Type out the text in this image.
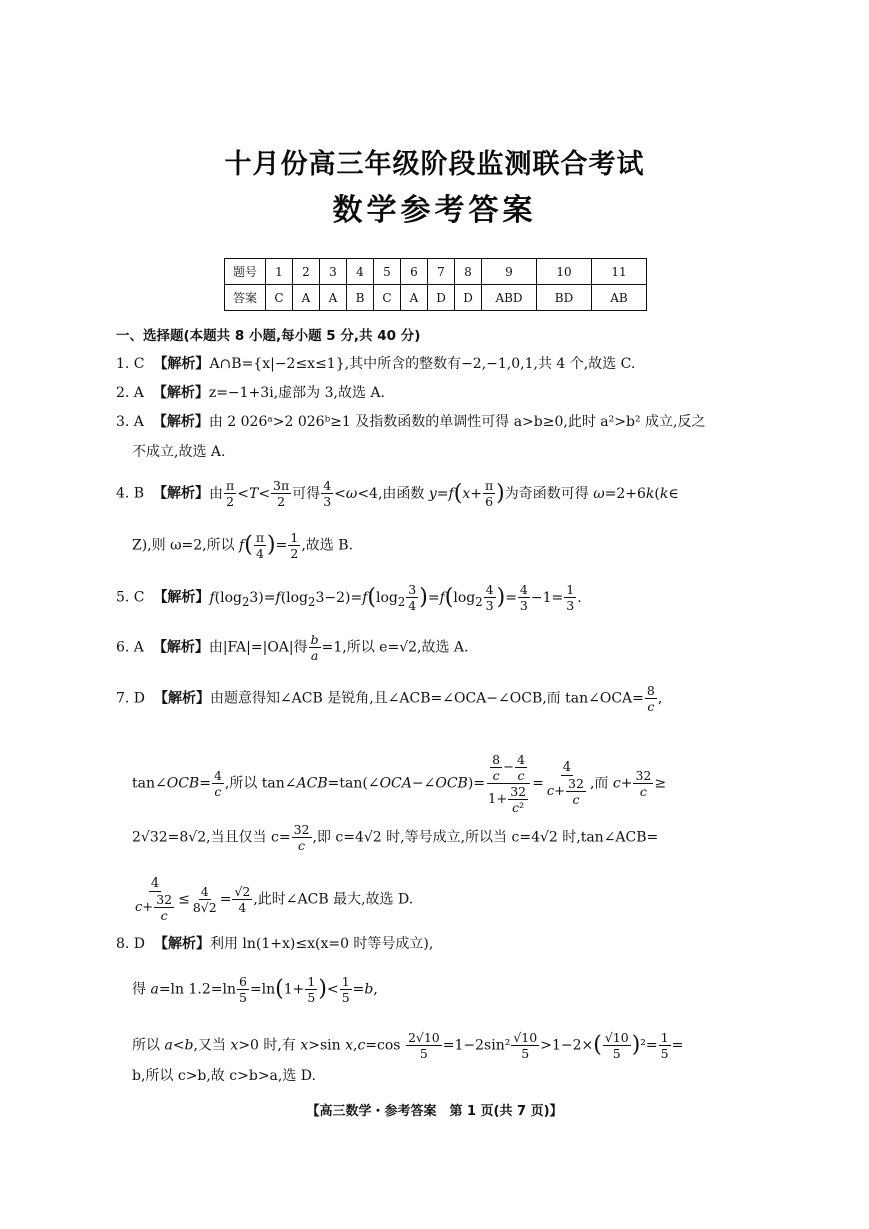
十月份高三年级阶段监测联合考试
数学参考答案
题号	1	2	3	4	5	6	7	8	9	10	11
答案	C	A	A	B	C	A	D	D	ABD	BD	AB
一、选择题(本题共 8 小题,每小题 5 分,共 40 分)
1. C 【解析】A∩B={x|−2≤x≤1},其中所含的整数有−2,−1,0,1,共 4 个,故选 C.
2. A 【解析】z=−1+3i,虚部为 3,故选 A.
3. A 【解析】由 2 026ᵃ>2 026ᵇ≥1 及指数函数的单调性可得 a>b≥0,此时 a²>b² 成立,反之
不成立,故选 A.
4. B 【解析】由 $\frac{\pi}{2} <T< \frac{3\pi}{2}$ 可得 $\frac{4}{3} <\omega<4$,由函数 $y=f(x+ \frac{\pi}{6}$ )为奇函数可得 ω=2+6k(k∈
Z),则 ω=2,所以 $f( \frac{\pi}{4}$ )= $\frac{1}{2}$ ,故选 B.
5. C 【解析】$f(\log_23)=f(\log_23-2)=f(\log_2 \frac{3}{4} )=f(\log_2 \frac{4}{3}$ )= $\frac{4}{3} -1= \frac{1}{3}$ .
6. A 【解析】由|FA|=|OA|得 $\frac{b}{a} =1$,所以 e=√2,故选 A.
7. D 【解析】由题意得知∠ACB 是锐角,且∠ACB=∠OCA−∠OCB,而 tan∠OCA= $\frac{8}{c}$ ,
tan∠OCB= $\frac{4}{c}$ ,所以 tan∠ACB=tan(∠OCA−∠OCB)= $\frac{\frac{8}{c} - \frac{4}{c}}{1+ \frac{32}{\text{c²}}} = \frac{4}{c+ \frac{32}{c}}$ ,而 $c+ \frac{32}{c}$ ≥
2√32=8√2,当且仅当 $c= \frac{32}{c}$ ,即 c=4√2 时,等号成立,所以当 c=4√2 时,tan∠ACB=
$\frac{4}{c+ \frac{32}{c}} \le \frac{4}{8√2} = \frac{√2}{4}$ ,此时∠ACB 最大,故选 D.
8. D 【解析】利用 ln(1+x)≤x(x=0 时等号成立),
得 a=ln $1.2=\ln \frac{6}{5} =\ln(1+ \frac{1}{5}$ )< $\frac{1}{5} =b$,
所以 a<b,又当 x>0 时,有 x>sin $x,c=\cos \frac{2√10}{5} =1-2\sin^2 \frac{√10}{5} >1-2\times( \frac{√10}{5} )^2= \frac{1}{5}$ =
b,所以 c>b,故 c>b>a,选 D.
【高三数学・参考答案　第 1 页(共 7 页)】
